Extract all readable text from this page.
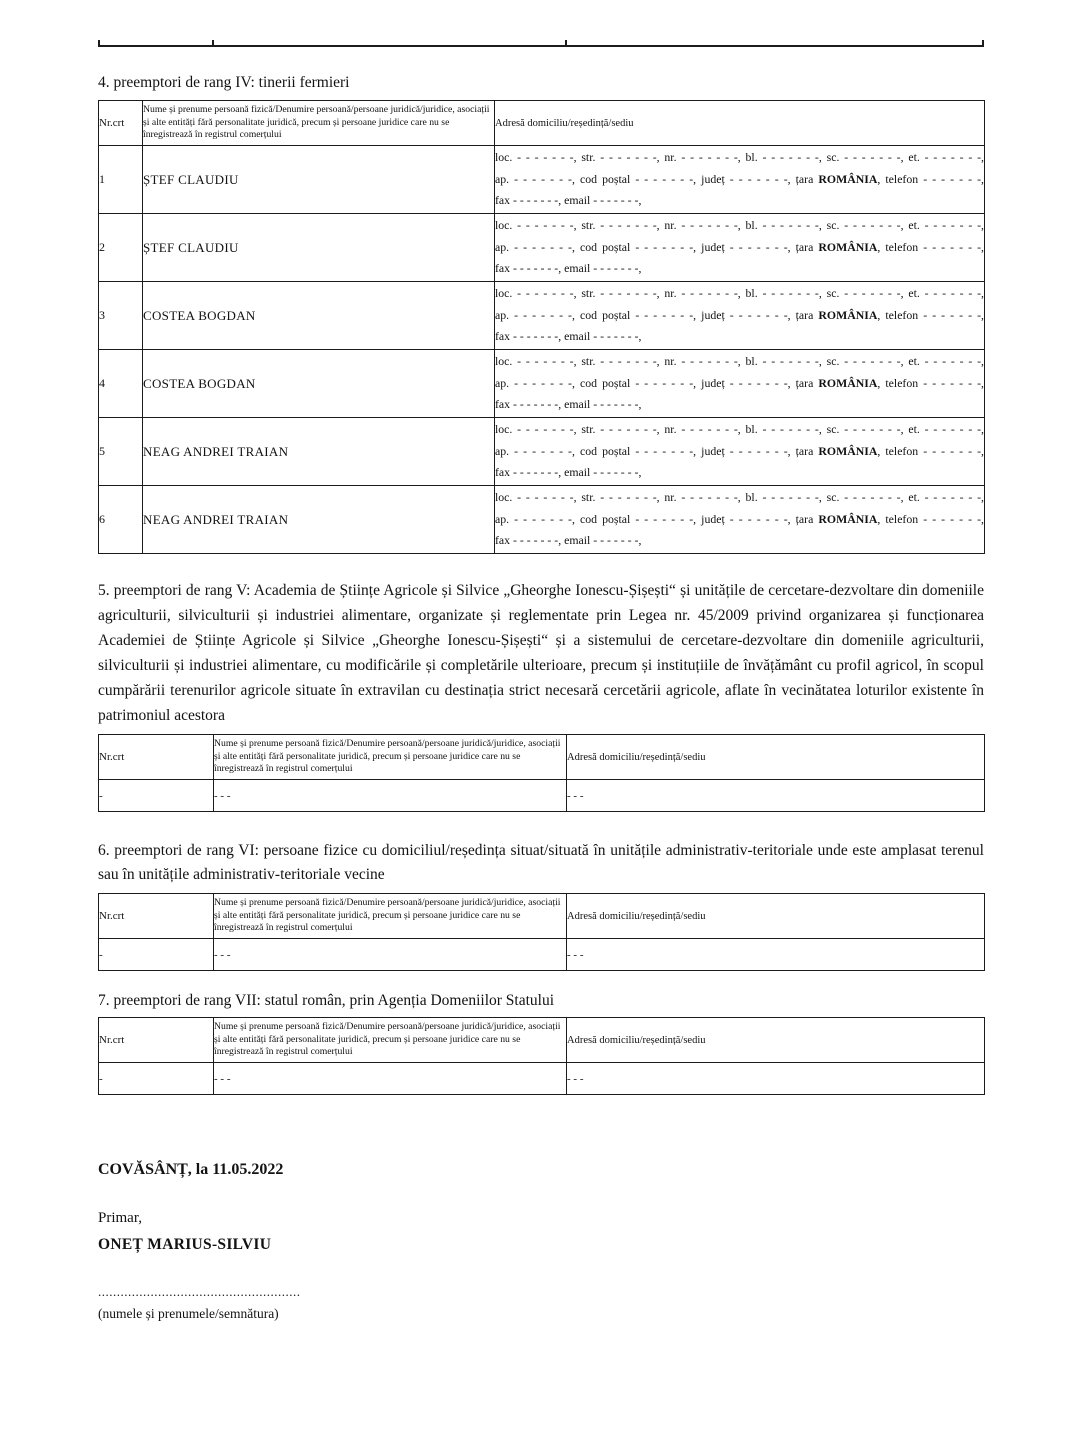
4. preemptori de rang IV: tinerii fermieri

Nr.crt	Nume și prenume persoană fizică/Denumire persoană/persoane juridică/juridice, asociații și alte entități fără personalitate juridică, precum și persoane juridice care nu se înregistrează în registrul comerțului	Adresă domiciliu/reședință/sediu
1	ȘTEF CLAUDIU	loc. - - - - - - -, str. - - - - - - -, nr. - - - - - - -, bl. - - - - - - -, sc. - - - - - - -, et. - - - - - - -,
ap. - - - - - - -, cod poștal - - - - - - -, județ - - - - - - -, țara ROMÂNIA, telefon - - - - - - -,
fax - - - - - - -, email - - - - - - -,

2	ȘTEF CLAUDIU	loc. - - - - - - -, str. - - - - - - -, nr. - - - - - - -, bl. - - - - - - -, sc. - - - - - - -, et. - - - - - - -,
ap. - - - - - - -, cod poștal - - - - - - -, județ - - - - - - -, țara ROMÂNIA, telefon - - - - - - -,
fax - - - - - - -, email - - - - - - -,

3	COSTEA BOGDAN	loc. - - - - - - -, str. - - - - - - -, nr. - - - - - - -, bl. - - - - - - -, sc. - - - - - - -, et. - - - - - - -,
ap. - - - - - - -, cod poștal - - - - - - -, județ - - - - - - -, țara ROMÂNIA, telefon - - - - - - -,
fax - - - - - - -, email - - - - - - -,

4	COSTEA BOGDAN	loc. - - - - - - -, str. - - - - - - -, nr. - - - - - - -, bl. - - - - - - -, sc. - - - - - - -, et. - - - - - - -,
ap. - - - - - - -, cod poștal - - - - - - -, județ - - - - - - -, țara ROMÂNIA, telefon - - - - - - -,
fax - - - - - - -, email - - - - - - -,

5	NEAG ANDREI TRAIAN	loc. - - - - - - -, str. - - - - - - -, nr. - - - - - - -, bl. - - - - - - -, sc. - - - - - - -, et. - - - - - - -,
ap. - - - - - - -, cod poștal - - - - - - -, județ - - - - - - -, țara ROMÂNIA, telefon - - - - - - -,
fax - - - - - - -, email - - - - - - -,

6	NEAG ANDREI TRAIAN	loc. - - - - - - -, str. - - - - - - -, nr. - - - - - - -, bl. - - - - - - -, sc. - - - - - - -, et. - - - - - - -,
ap. - - - - - - -, cod poștal - - - - - - -, județ - - - - - - -, țara ROMÂNIA, telefon - - - - - - -,
fax - - - - - - -, email - - - - - - -,

5. preemptori de rang V: Academia de Științe Agricole și Silvice „Gheorghe Ionescu-Șișești“ și unitățile de cercetare-dezvoltare din domeniile agriculturii, silviculturii și industriei alimentare, organizate și reglementate prin Legea nr. 45/2009 privind organizarea și funcționarea Academiei de Științe Agricole și Silvice „Gheorghe Ionescu-Șișești“ și a sistemului de cercetare-dezvoltare din domeniile agriculturii, silviculturii și industriei alimentare, cu modificările și completările ulterioare, precum și instituțiile de învățământ cu profil agricol, în scopul cumpărării terenurilor agricole situate în extravilan cu destinația strict necesară cercetării agricole, aflate în vecinătatea loturilor existente în patrimoniul acestora

Nr.crt	Nume și prenume persoană fizică/Denumire persoană/persoane juridică/juridice, asociații și alte entități fără personalitate juridică, precum și persoane juridice care nu se înregistrează în registrul comerțului	Adresă domiciliu/reședință/sediu
-	- - -	- - -

6. preemptori de rang VI: persoane fizice cu domiciliul/reședința situat/situată în unitățile administrativ-teritoriale unde este amplasat terenul sau în unitățile administrativ-teritoriale vecine

Nr.crt	Nume și prenume persoană fizică/Denumire persoană/persoane juridică/juridice, asociații și alte entități fără personalitate juridică, precum și persoane juridice care nu se înregistrează în registrul comerțului	Adresă domiciliu/reședință/sediu
-	- - -	- - -

7. preemptori de rang VII: statul român, prin Agenția Domeniilor Statului

Nr.crt	Nume și prenume persoană fizică/Denumire persoană/persoane juridică/juridice, asociații și alte entități fără personalitate juridică, precum și persoane juridice care nu se înregistrează în registrul comerțului	Adresă domiciliu/reședință/sediu
-	- - -	- - -

COVĂSÂNȚ, la 11.05.2022

Primar,

ONEȚ MARIUS-SILVIU

......................................................

(numele și prenumele/semnătura)
